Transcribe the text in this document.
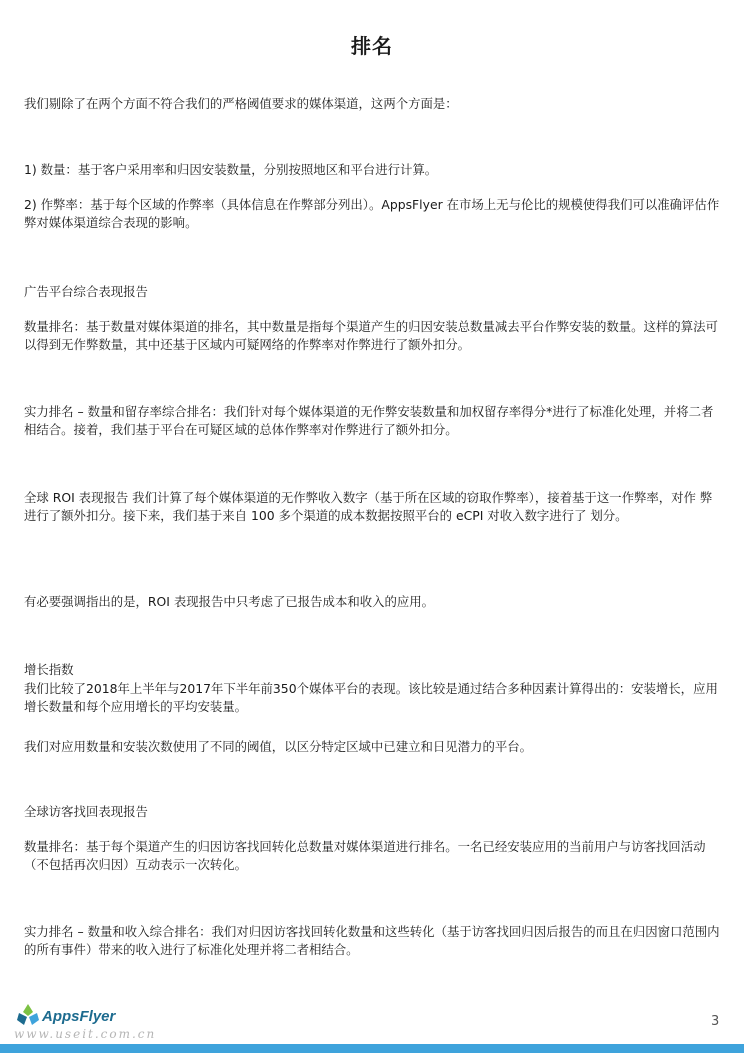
排名

我们剔除了在两个方面不符合我们的严格阈值要求的媒体渠道，这两个方面是：

1) 数量：基于客户采用率和归因安装数量，分别按照地区和平台进行计算。

2) 作弊率：基于每个区域的作弊率（具体信息在作弊部分列出）。AppsFlyer 在市场上无与伦比的规模使得我们可以准确评估作弊对媒体渠道综合表现的影响。

广告平台综合表现报告

数量排名：基于数量对媒体渠道的排名，其中数量是指每个渠道产生的归因安装总数量减去平台作弊安装的数量。这样的算法可以得到无作弊数量，其中还基于区域内可疑网络的作弊率对作弊进行了额外扣分。

实力排名 – 数量和留存率综合排名：我们针对每个媒体渠道的无作弊安装数量和加权留存率得分*进行了标准化处理，并将二者相结合。接着，我们基于平台在可疑区域的总体作弊率对作弊进行了额外扣分。

全球 ROI 表现报告 我们计算了每个媒体渠道的无作弊收入数字（基于所在区域的窃取作弊率），接着基于这一作弊率，对作 弊进行了额外扣分。接下来，我们基于来自 100 多个渠道的成本数据按照平台的 eCPI 对收入数字进行了 划分。

有必要强调指出的是，ROI 表现报告中只考虑了已报告成本和收入的应用。

增长指数

我们比较了2018年上半年与2017年下半年前350个媒体平台的表现。该比较是通过结合多种因素计算得出的：安装增长，应用增长数量和每个应用增长的平均安装量。

我们对应用数量和安装次数使用了不同的阈值，以区分特定区域中已建立和日见潜力的平台。

全球访客找回表现报告

数量排名：基于每个渠道产生的归因访客找回转化总数量对媒体渠道进行排名。一名已经安装应用的当前用户与访客找回活动（不包括再次归因）互动表示一次转化。

实力排名 – 数量和收入综合排名：我们对归因访客找回转化数量和这些转化（基于访客找回归因后报告的而且在归因窗口范围内的所有事件）带来的收入进行了标准化处理并将二者相结合。

AppsFlyer
www.useit.com.cn
3
